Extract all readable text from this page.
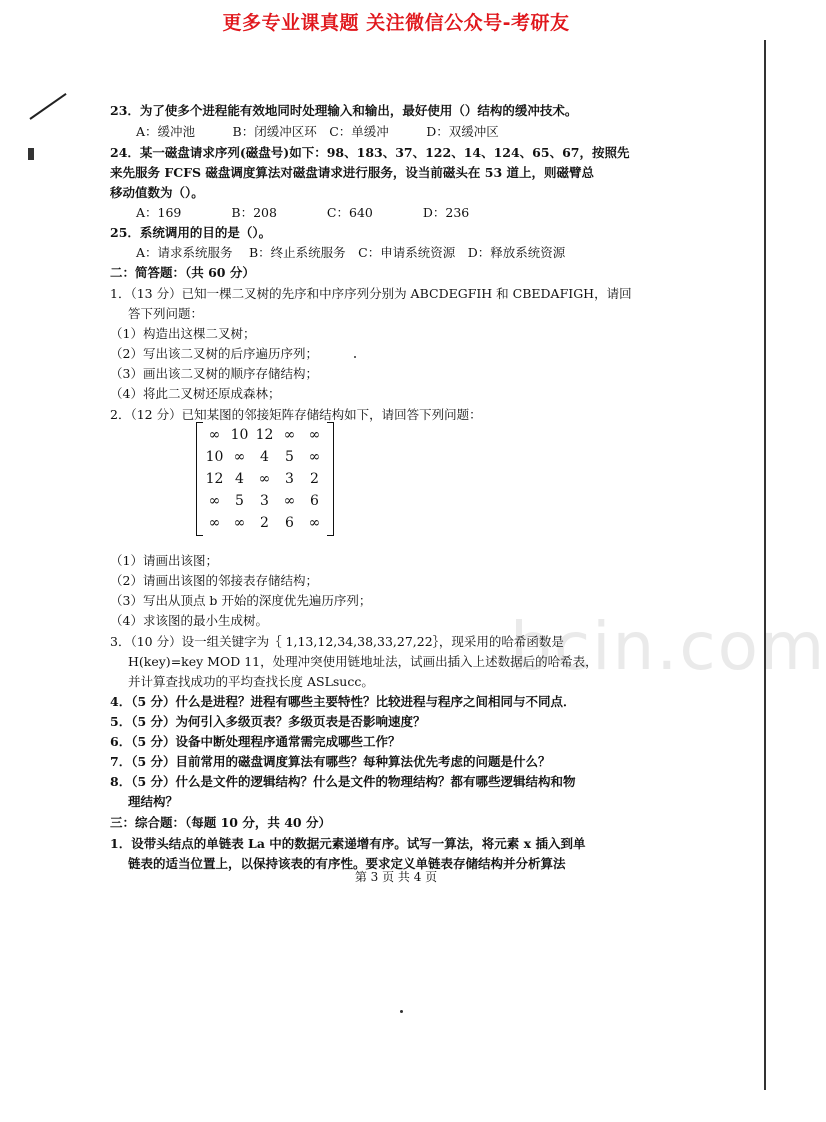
更多专业课真题 关注微信公众号-考研友
23．为了使多个进程能有效地同时处理输入和输出，最好使用（）结构的缓冲技术。
A：缓冲池　　　B：闭缓冲区环　C：单缓冲　　　D：双缓冲区
24．某一磁盘请求序列(磁盘号)如下：98、183、37、122、14、124、65、67，按照先
来先服务 FCFS 磁盘调度算法对磁盘请求进行服务，设当前磁头在 53 道上，则磁臂总
移动值数为（）。
A：169　　　　B：208　　　　C：640　　　　D：236
25．系统调用的目的是（）。
A：请求系统服务　 B：终止系统服务　C：申请系统资源　D：释放系统资源
二：简答题：（共 60 分）
1．（13 分）已知一棵二叉树的先序和中序序列分别为 ABCDEGFIH 和 CBEDAFIGH，请回
答下列问题：
（1）构造出这棵二叉树；
（2）写出该二叉树的后序遍历序列；
（3）画出该二叉树的顺序存储结构；
（4）将此二叉树还原成森林；
2．（12 分）已知某图的邻接矩阵存储结构如下，请回答下列问题：
∞ 10 12 ∞ ∞
10 ∞	4	5	∞
12 4	∞	3	2
∞	5	3	∞	6
∞ ∞	2	6	∞
（1）请画出该图；
（2）请画出该图的邻接表存储结构；
（3）写出从顶点 b 开始的深度优先遍历序列；
（4）求该图的最小生成树。	bcin.com
3．（10 分）设一组关键字为｛ 1,13,12,34,38,33,27,22｝，现采用的哈希函数是
H(key)=key MOD 11，处理冲突使用链地址法，试画出插入上述数据后的哈希表，
并计算查找成功的平均查找长度 ASLsucc。
4．（5 分）什么是进程？进程有哪些主要特性？比较进程与程序之间相同与不同点．
5．（5 分）为何引入多级页表？多级页表是否影响速度？
6．（5 分）设备中断处理程序通常需完成哪些工作？
7．（5 分）目前常用的磁盘调度算法有哪些？每种算法优先考虑的问题是什么？
8．（5 分）什么是文件的逻辑结构？什么是文件的物理结构？都有哪些逻辑结构和物
理结构？
三：综合题：（每题 10 分，共 40 分）
1．设带头结点的单链表 La 中的数据元素递增有序。试写一算法，将元素 x 插入到单
链表的适当位置上，以保持该表的有序性。要求定义单链表存储结构并分析算法
第 3 页 共 4 页
